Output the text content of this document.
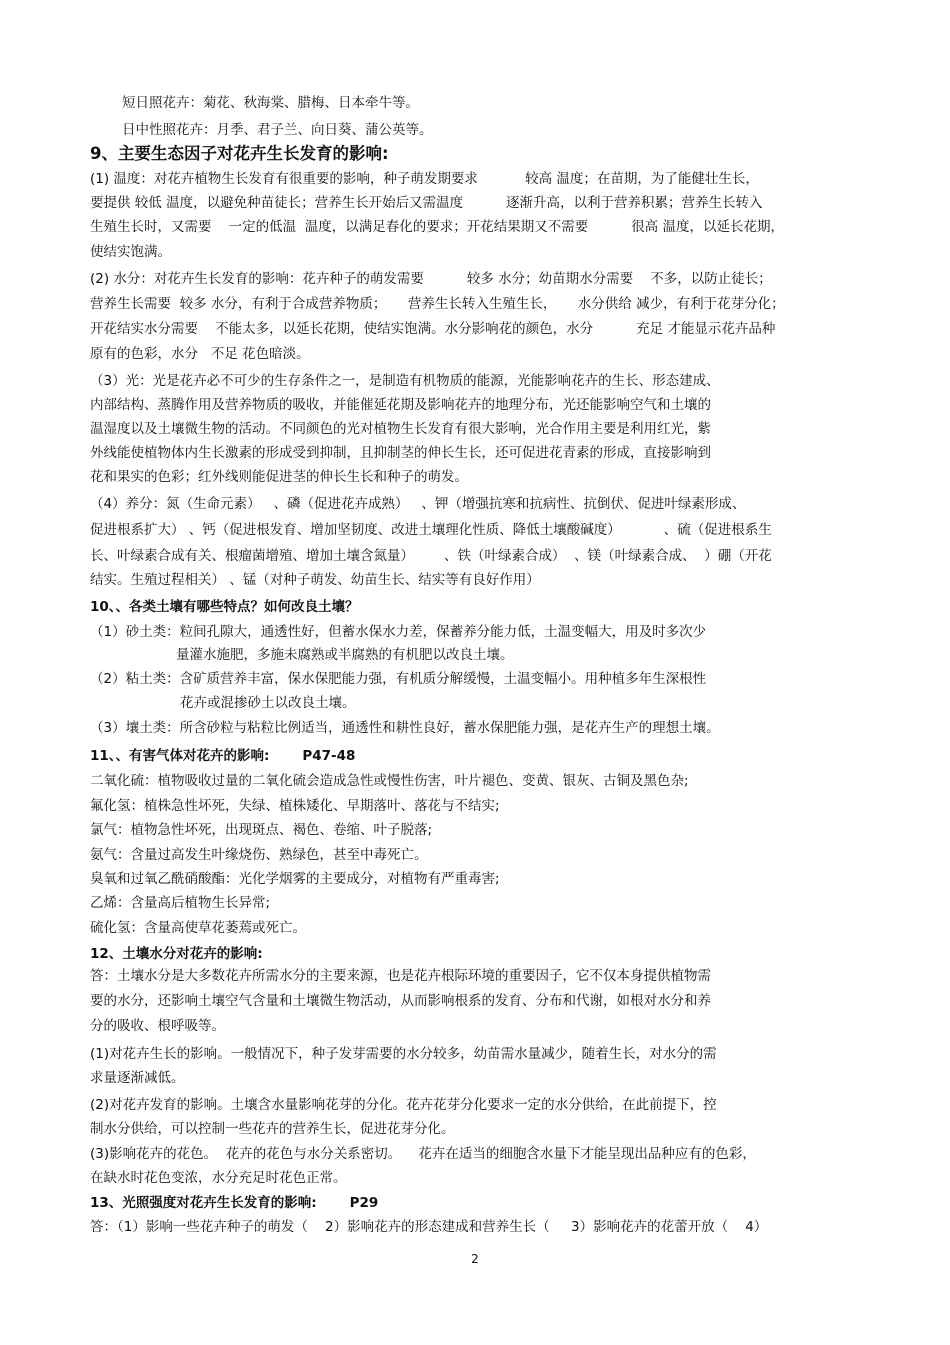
短日照花卉：菊花、秋海棠、腊梅、日本牵牛等。
日中性照花卉：月季、君子兰、向日葵、蒲公英等。
9、主要生态因子对花卉生长发育的影响:
(1) 温度：对花卉植物生长发育有很重要的影响，种子萌发期要求           较高 温度；在苗期，为了能健壮生长，
要提供 较低 温度，以避免种苗徒长；营养生长开始后又需温度          逐渐升高，以利于营养积累；营养生长转入
生殖生长时，又需要    一定的低温  温度，以满足春化的要求；开花结果期又不需要          很高 温度，以延长花期，
使结实饱满。
(2) 水分：对花卉生长发育的影响：花卉种子的萌发需要          较多 水分；幼苗期水分需要    不多，以防止徒长；
营养生长需要  较多 水分，有利于合成营养物质；     营养生长转入生殖生长，     水分供给 减少，有利于花芽分化；
开花结实水分需要    不能太多，以延长花期，使结实饱满。水分影响花的颜色，水分          充足 才能显示花卉品种
原有的色彩，水分   不足 花色暗淡。
（3）光：光是花卉必不可少的生存条件之一，是制造有机物质的能源，光能影响花卉的生长、形态建成、
内部结构、蒸腾作用及营养物质的吸收，并能催延花期及影响花卉的地理分布，光还能影响空气和土壤的
温湿度以及土壤微生物的活动。不同颜色的光对植物生长发育有很大影响，光合作用主要是利用红光，紫
外线能使植物体内生长激素的形成受到抑制，且抑制茎的伸长生长，还可促进花青素的形成，直接影响到
花和果实的色彩；红外线则能促进茎的伸长生长和种子的萌发。
（4）养分：氮（生命元素）   、磷（促进花卉成熟）   、钾（增强抗寒和抗病性、抗倒伏、促进叶绿素形成、
促进根系扩大） 、钙（促进根发育、增加坚韧度、改进土壤理化性质、降低土壤酸碱度）          、硫（促进根系生
长、叶绿素合成有关、根瘤菌增殖、增加土壤含氮量）       、铁（叶绿素合成）  、镁（叶绿素合成、  ）硼（开花
结实。生殖过程相关） 、锰（对种子萌发、幼苗生长、结实等有良好作用）
10、、各类土壤有哪些特点？如何改良土壤？
（1）砂土类：粒间孔隙大，通透性好，但蓄水保水力差，保蓄养分能力低，土温变幅大，用及时多次少
量灌水施肥，多施未腐熟或半腐熟的有机肥以改良土壤。
（2）粘土类：含矿质营养丰富，保水保肥能力强，有机质分解缓慢，土温变幅小。用种植多年生深根性
花卉或混掺砂土以改良土壤。
（3）壤土类：所含砂粒与粘粒比例适当，通透性和耕性良好，蓄水保肥能力强，是花卉生产的理想土壤。
11、、有害气体对花卉的影响:       P47-48
二氧化硫：植物吸收过量的二氧化硫会造成急性或慢性伤害，叶片褪色、变黄、银灰、古铜及黑色杂;
氟化氢：植株急性坏死，失绿、植株矮化、早期落叶、落花与不结实;
氯气：植物急性坏死，出现斑点、褐色、卷缩、叶子脱落;
氨气：含量过高发生叶缘烧伤、熟绿色，甚至中毒死亡。
臭氧和过氧乙酰硝酸酯：光化学烟雾的主要成分，对植物有严重毒害;
乙烯：含量高后植物生长异常;
硫化氢：含量高使草花萎蔫或死亡。
12、土壤水分对花卉的影响:
答：土壤水分是大多数花卉所需水分的主要来源，也是花卉根际环境的重要因子，它不仅本身提供植物需
要的水分，还影响土壤空气含量和土壤微生物活动，从而影响根系的发育、分布和代谢，如根对水分和养
分的吸收、根呼吸等。
(1)对花卉生长的影响。一般情况下，种子发芽需要的水分较多，幼苗需水量减少，随着生长，对水分的需
求量逐渐减低。
(2)对花卉发育的影响。土壤含水量影响花芽的分化。花卉花芽分化要求一定的水分供给，在此前提下，控
制水分供给，可以控制一些花卉的营养生长，促进花芽分化。
(3)影响花卉的花色。  花卉的花色与水分关系密切。    花卉在适当的细胞含水量下才能呈现出品种应有的色彩，
在缺水时花色变浓，水分充足时花色正常。
13、光照强度对花卉生长发育的影响:       P29
答：（1）影响一些花卉种子的萌发（    2）影响花卉的形态建成和营养生长（     3）影响花卉的花蕾开放（    4）
2
